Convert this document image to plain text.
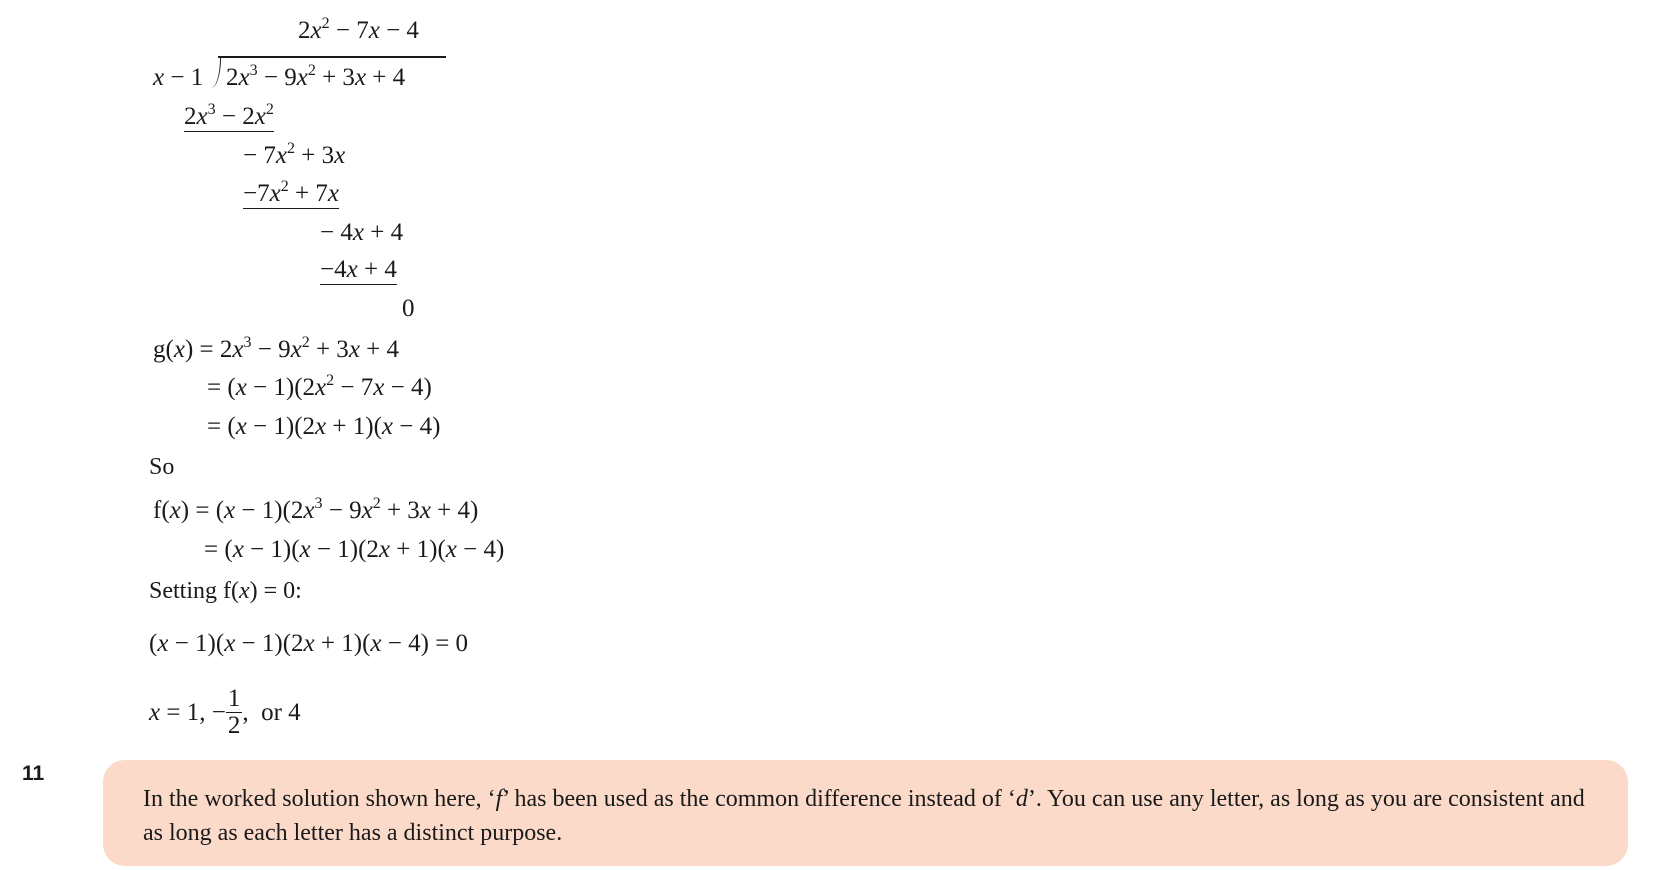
$2x^2 - 7x - 4$
x − 1 $2x^3 - 9x^2 + 3x + 4$
$2x^3 - 2x^2$
− $7x^2 + 3x$
$-7x^2 + 7x$
− 4x + 4
−4x + 4
0
$g(x) = 2x^3 - 9x^2 + 3x + 4$
= $(x - 1)(2x^2 - 7x - 4)$
= (x − 1)(2x + 1)(x − 4)
So
$f(x) = (x - 1)(2x^3 - 9x^2 + 3x + 4)$
= (x − 1)(x − 1)(2x + 1)(x − 4)
Setting f(x) = 0:
(x − 1)(x − 1)(2x + 1)(x − 4) = 0
x = 1, − $\frac{1}{2}$ ,  or 4
11
In the worked solution shown here, ‘f’ has been used as the common difference instead of ‘d’. You can use any letter, as long as you are consistent and as long as each letter has a distinct purpose.
